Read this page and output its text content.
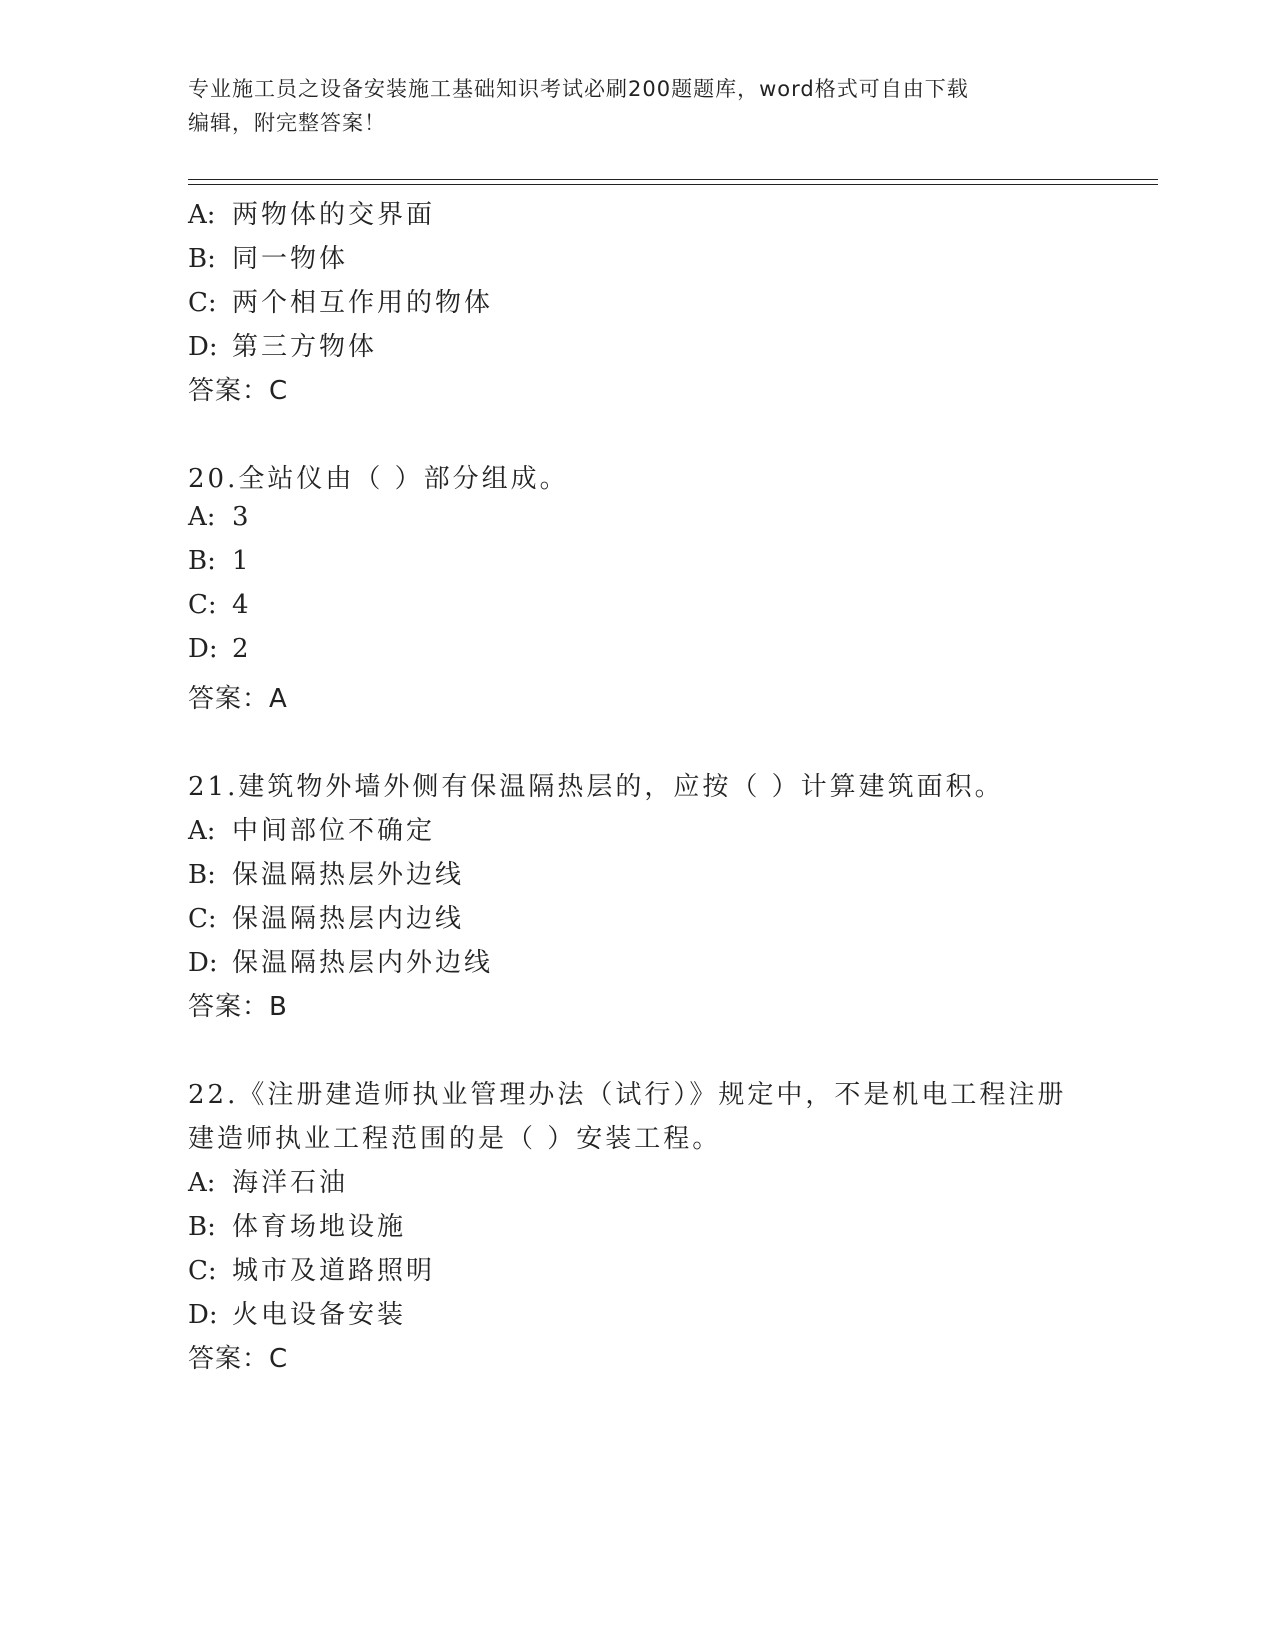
专业施工员之设备安装施工基础知识考试必刷200题题库，word格式可自由下载
编辑，附完整答案！
A: 两物体的交界面
B: 同一物体
C: 两个相互作用的物体
D: 第三方物体
答案：C
20.全站仪由（ ）部分组成。
A: 3
B: 1
C: 4
D: 2
答案：A
21.建筑物外墙外侧有保温隔热层的，应按（ ）计算建筑面积。
A: 中间部位不确定
B: 保温隔热层外边线
C: 保温隔热层内边线
D: 保温隔热层内外边线
答案：B
22.《注册建造师执业管理办法（试行）》规定中，不是机电工程注册
建造师执业工程范围的是（ ）安装工程。
A: 海洋石油
B: 体育场地设施
C: 城市及道路照明
D: 火电设备安装
答案：C
